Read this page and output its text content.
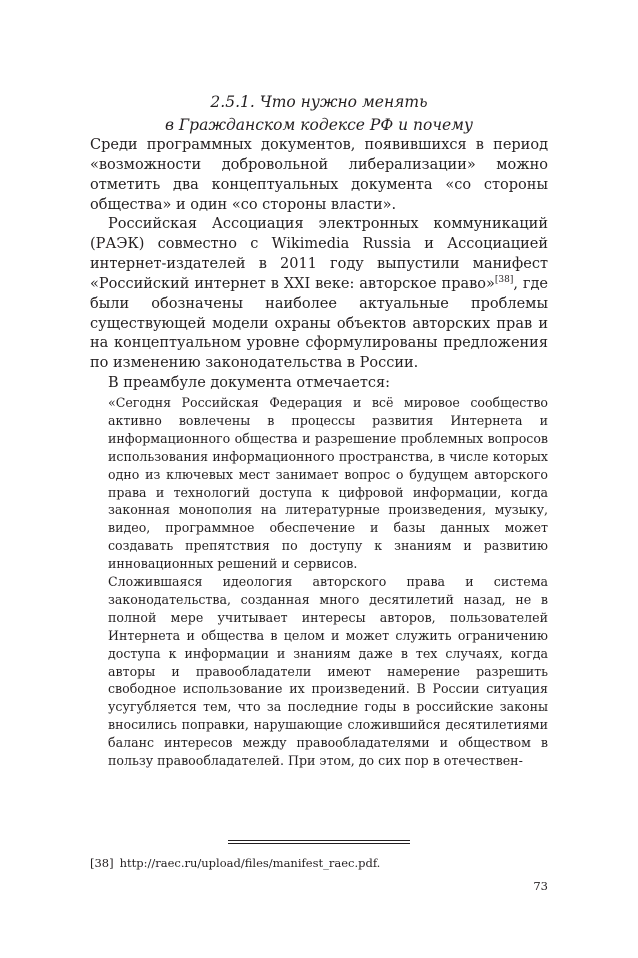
2.5.1. Что нужно менять
в Гражданском кодексе РФ и почему

Среди программных документов, появившихся в период «возможности добровольной либерализации» можно отметить два концептуальных документа «со стороны общества» и один «со стороны власти».

Российская Ассоциация электронных коммуникаций (РАЭК) совместно с Wikimedia Russia и Ассоциацией интернет-издателей в 2011 году выпустили манифест «Российский интернет в XXI веке: авторское право»[38], где были обозначены наиболее актуальные проблемы существующей модели охраны объектов авторских прав и на концептуальном уровне сформулированы предложения по изменению законодательства в России.

В преамбуле документа отмечается:

«Сегодня Российская Федерация и всё мировое сообщество активно вовлечены в процессы развития Интернета и информационного общества и разрешение проблемных вопросов использования информационного пространства, в числе которых одно из ключевых мест занимает вопрос о будущем авторского права и технологий доступа к цифровой информации, когда законная монополия на литературные произведения, музыку, видео, программное обеспечение и базы данных может создавать препятствия по доступу к знаниям и развитию инновационных решений и сервисов.

Сложившаяся идеология авторского права и система законодательства, созданная много десятилетий назад, не в полной мере учитывает интересы авторов, пользователей Интернета и общества в целом и может служить ограничению доступа к информации и знаниям даже в тех случаях, когда авторы и правообладатели имеют намерение разрешить свободное использование их произведений. В России ситуация усугубляется тем, что за последние годы в российские законы вносились поправки, нарушающие сложившийся десятилетиями баланс интересов между правообладателями и обществом в пользу правообладателей. При этом, до сих пор в отечествен-

[38] http://raec.ru/upload/files/manifest_raec.pdf.
73
